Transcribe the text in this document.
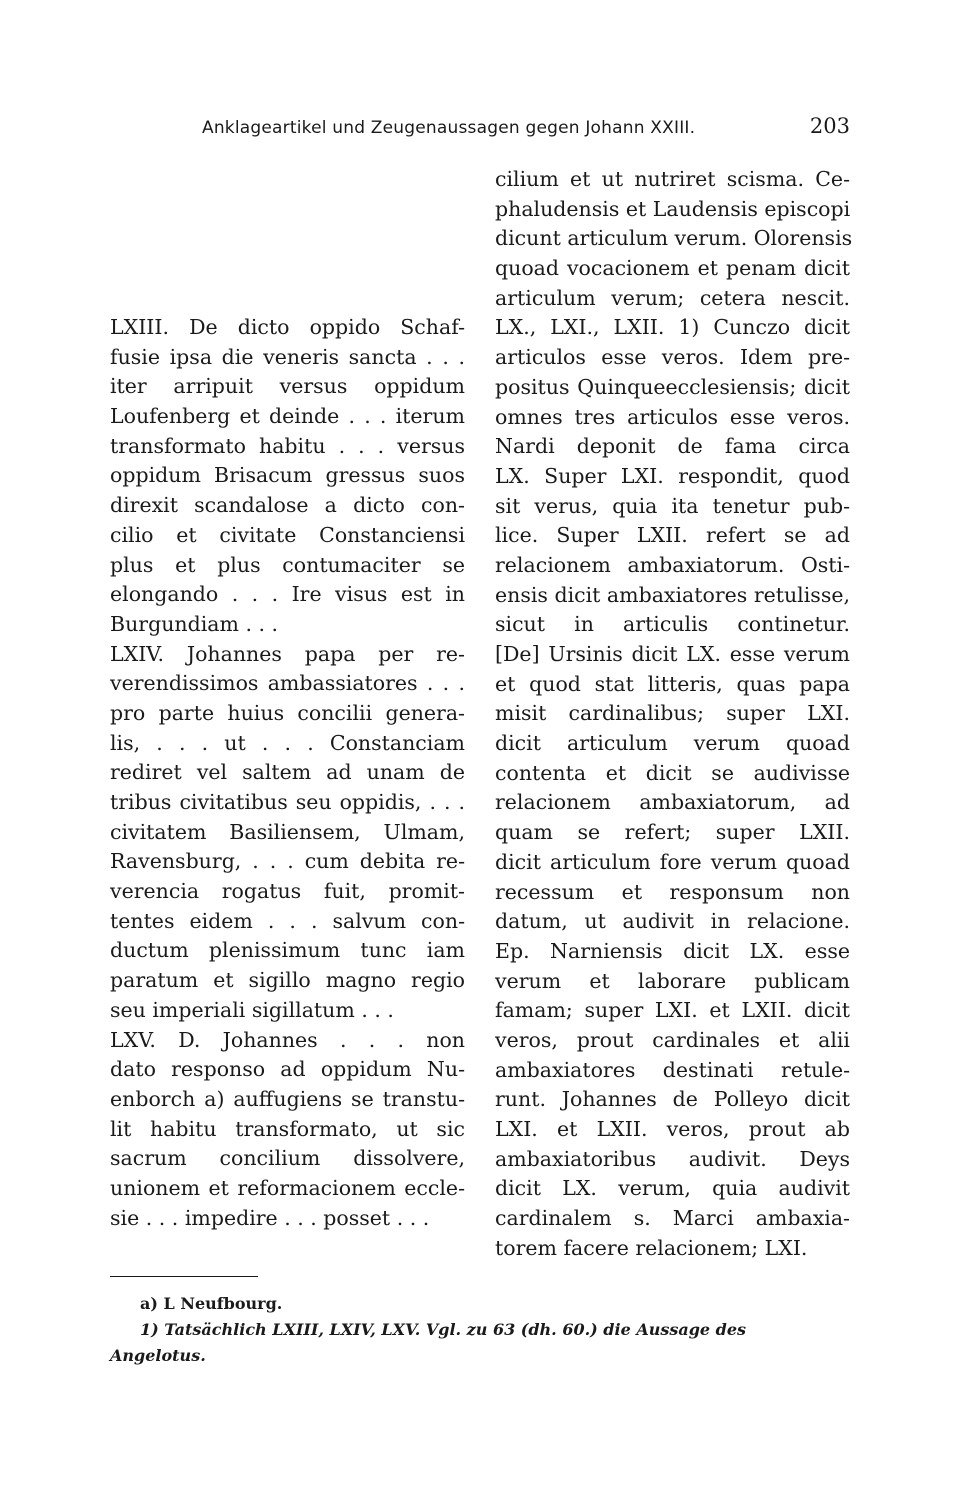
Anklageartikel und Zeugenaussagen gegen Johann XXIII.	203
LXIII. De dicto oppido Schaf-
fusie ipsa die veneris sancta . . .
iter arripuit versus oppidum
Loufenberg et deinde . . . iterum
transformato habitu . . . versus
oppidum Brisacum gressus suos
direxit scandalose a dicto con-
cilio et civitate Constanciensi
plus et plus contumaciter se
elongando . . . Ire visus est in
Burgundiam . . .
LXIV. Johannes papa per re-
verendissimos ambassiatores . . .
pro parte huius concilii genera-
lis, . . . ut . . . Constanciam
rediret vel saltem ad unam de
tribus civitatibus seu oppidis, . . .
civitatem Basiliensem, Ulmam,
Ravensburg, . . . cum debita re-
verencia rogatus fuit, promit-
tentes eidem . . . salvum con-
ductum plenissimum tunc iam
paratum et sigillo magno regio
seu imperiali sigillatum . . .
LXV. D. Johannes . . . non
dato responso ad oppidum Nu-
enborch a) auffugiens se transtu-
lit habitu transformato, ut sic
sacrum concilium dissolvere,
unionem et reformacionem eccle-
sie . . . impedire . . . posset . . .
cilium et ut nutriret scisma. Ce-
phaludensis et Laudensis episcopi
dicunt articulum verum. Olorensis
quoad vocacionem et penam dicit
articulum verum; cetera nescit.
LX., LXI., LXII. 1) Cunczo dicit
articulos esse veros. Idem pre-
positus Quinqueecclesiensis; dicit
omnes tres articulos esse veros.
Nardi deponit de fama circa
LX. Super LXI. respondit, quod
sit verus, quia ita tenetur pub-
lice. Super LXII. refert se ad
relacionem ambaxiatorum. Osti-
ensis dicit ambaxiatores retulisse,
sicut in articulis continetur.
[De] Ursinis dicit LX. esse verum
et quod stat litteris, quas papa
misit cardinalibus; super LXI.
dicit articulum verum quoad
contenta et dicit se audivisse
relacionem ambaxiatorum, ad
quam se refert; super LXII.
dicit articulum fore verum quoad
recessum et responsum non
datum, ut audivit in relacione.
Ep. Narniensis dicit LX. esse
verum et laborare publicam
famam; super LXI. et LXII. dicit
veros, prout cardinales et alii
ambaxiatores destinati retule-
runt. Johannes de Polleyo dicit
LXI. et LXII. veros, prout ab
ambaxiatoribus audivit. Deys
dicit LX. verum, quia audivit
cardinalem s. Marci ambaxia-
torem facere relacionem; LXI.
a) L Neufbourg.
1) Tatsächlich LXIII, LXIV, LXV. Vgl. zu 63 (dh. 60.) die Aussage des
Angelotus.
